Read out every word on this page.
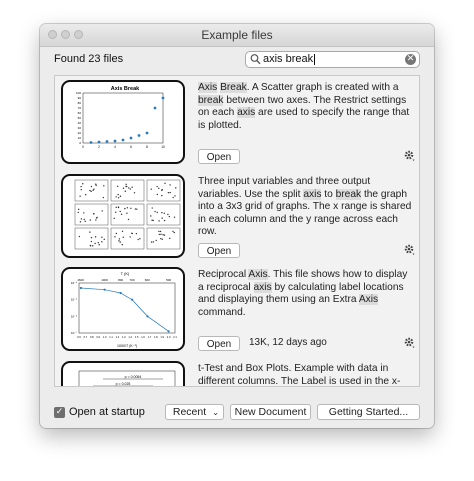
Example files
Found 23 files	axis break	✕
Axis Break
0
10
20
30
40
50
60
70
80
90
100
0	2	4	6	8	10
Axis Break. A Scatter graph is created with a break between two axes. The Restrict settings on each axis are used to specify the range that is plotted.
Open
Three input variables and three output variables. Use the split axis to break the graph into a 3x3 grid of graphs. The x range is shared in each column and the y range across each row.
Open
T (K)
1600	1000	800 700	600	500
10⁻⁴
10⁻⁵
10⁻⁶
10⁻⁷
0.6 0.7 0.8 0.9 1.0 1.1 1.2 1.3 1.4 1.5 1.6 1.7 1.8 1.9 2.0 2.1
1000/T (K⁻¹)
Reciprocal Axis. This file shows how to display a reciprocal axis by calculating label locations and displaying them using an Extra Axis command.
Open	13K, 12 days ago
p = 0.0054
p = 0.025
t-Test and Box Plots. Example with data in different columns. The Label is used in the x-
✓ Open at startup	Recent ⌄	New Document	Getting Started...
